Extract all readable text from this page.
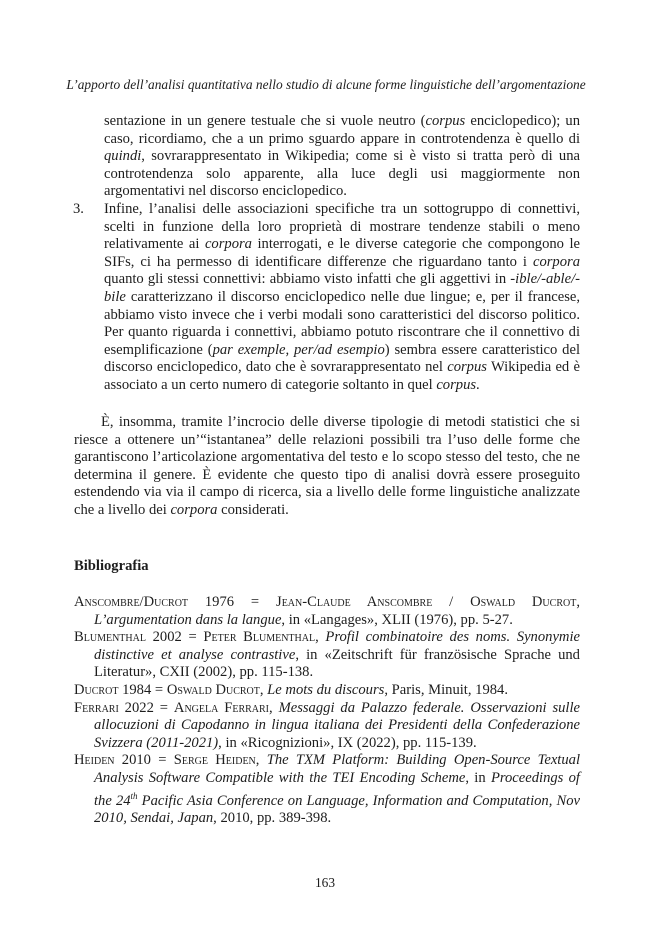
L’apporto dell’analisi quantitativa nello studio di alcune forme linguistiche dell’argomentazione
sentazione in un genere testuale che si vuole neutro (corpus enciclopedico); un caso, ricordiamo, che a un primo sguardo appare in controtendenza è quello di quindi, sovrarappresentato in Wikipedia; come si è visto si tratta però di una controtendenza solo apparente, alla luce degli usi maggiormente non argomentativi nel discorso enciclopedico.
3. Infine, l’analisi delle associazioni specifiche tra un sottogruppo di connettivi, scelti in funzione della loro proprietà di mostrare tendenze stabili o meno relativamente ai corpora interrogati, e le diverse categorie che compongono le SIFs, ci ha permesso di identificare differenze che riguardano tanto i corpora quanto gli stessi connettivi: abbiamo visto infatti che gli aggettivi in -ible/-able/-bile caratterizzano il discorso enciclopedico nelle due lingue; e, per il francese, abbiamo visto invece che i verbi modali sono caratteristici del discorso politico. Per quanto riguarda i connettivi, abbiamo potuto riscontrare che il connettivo di esemplificazione (par exemple, per/ad esempio) sembra essere caratteristico del discorso enciclopedico, dato che è sovrarappresentato nel corpus Wikipedia ed è associato a un certo numero di categorie soltanto in quel corpus.
È, insomma, tramite l’incrocio delle diverse tipologie di metodi statistici che si riesce a ottenere un’“istantanea” delle relazioni possibili tra l’uso delle forme che garantiscono l’articolazione argomentativa del testo e lo scopo stesso del testo, che ne determina il genere. È evidente che questo tipo di analisi dovrà essere proseguito estendendo via via il campo di ricerca, sia a livello delle forme linguistiche analizzate che a livello dei corpora considerati.
Bibliografia
Anscombre/Ducrot 1976 = Jean-Claude Anscombre / Oswald Ducrot, L’argumentation dans la langue, in «Langages», XLII (1976), pp. 5-27.
Blumenthal 2002 = Peter Blumenthal, Profil combinatoire des noms. Synonymie distinctive et analyse contrastive, in «Zeitschrift für französische Sprache und Literatur», CXII (2002), pp. 115-138.
Ducrot 1984 = Oswald Ducrot, Le mots du discours, Paris, Minuit, 1984.
Ferrari 2022 = Angela Ferrari, Messaggi da Palazzo federale. Osservazioni sulle allocuzioni di Capodanno in lingua italiana dei Presidenti della Confederazione Svizzera (2011-2021), in «Ricognizioni», IX (2022), pp. 115-139.
Heiden 2010 = Serge Heiden, The TXM Platform: Building Open-Source Textual Analysis Software Compatible with the TEI Encoding Scheme, in Proceedings of the 24th Pacific Asia Conference on Language, Information and Computation, Nov 2010, Sendai, Japan, 2010, pp. 389-398.
163
